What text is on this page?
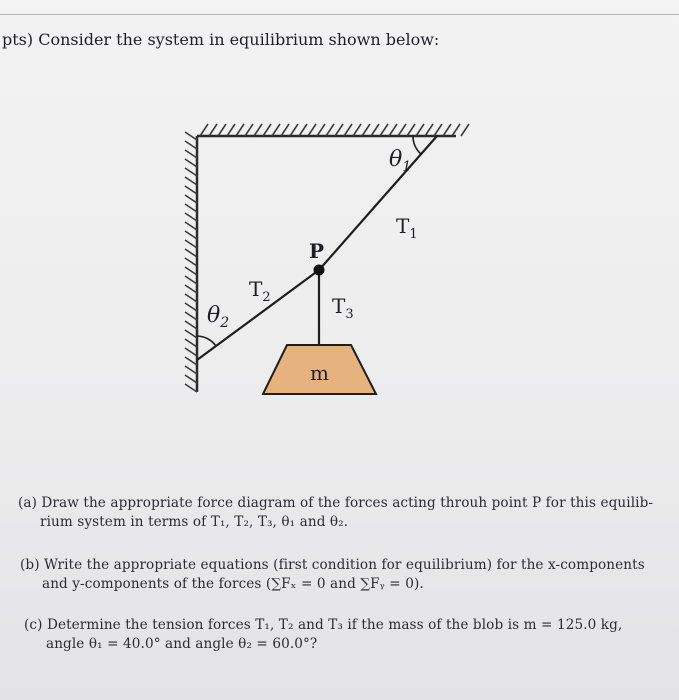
pts) Consider the system in equilibrium shown below:
$\theta_1$
$T_1$
P
$T_2$
$\theta_2$
$T_3$
m
(a) Draw the appropriate force diagram of the forces acting throuh point P for this equilib-
rium system in terms of T₁, T₂, T₃, θ₁ and θ₂.
(b) Write the appropriate equations (first condition for equilibrium) for the x-components
and y-components of the forces (∑Fₓ = 0 and ∑Fᵧ = 0).
(c) Determine the tension forces T₁, T₂ and T₃ if the mass of the blob is m = 125.0 kg,
angle θ₁ = 40.0° and angle θ₂ = 60.0°?
